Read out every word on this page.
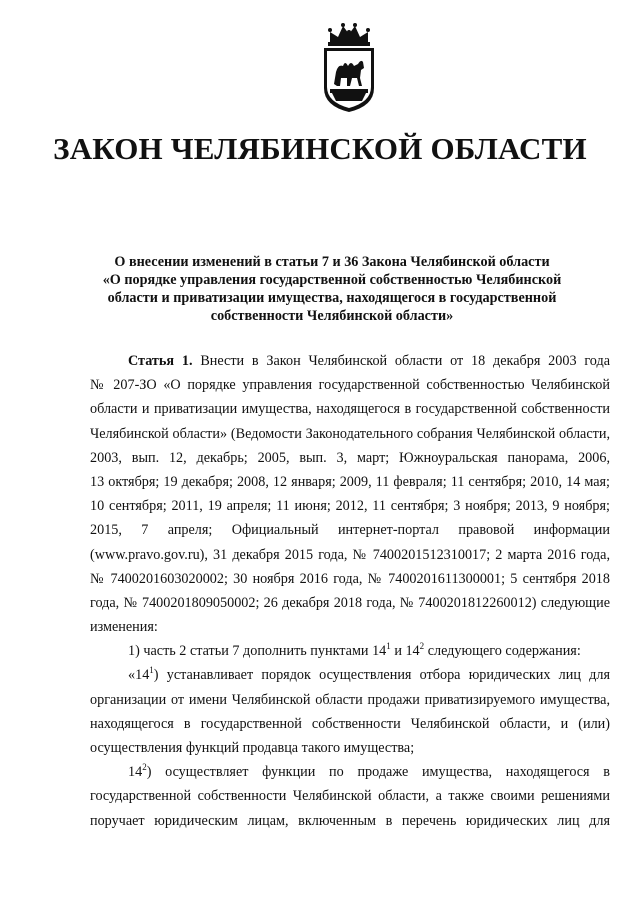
ЗАКОН ЧЕЛЯБИНСКОЙ ОБЛАСТИ
О внесении изменений в статьи 7 и 36 Закона Челябинской области
«О порядке управления государственной собственностью Челябинской
области и приватизации имущества, находящегося в государственной
собственности Челябинской области»
Статья 1. Внести в Закон Челябинской области от 18 декабря 2003 года
№ 207-ЗО «О порядке управления государственной собственностью Челябинской
области и приватизации имущества, находящегося в государственной собственности
Челябинской области» (Ведомости Законодательного собрания Челябинской области,
2003, вып. 12, декабрь; 2005, вып. 3, март; Южноуральская панорама, 2006,
13 октября; 19 декабря; 2008, 12 января; 2009, 11 февраля; 11 сентября; 2010, 14 мая;
10 сентября; 2011, 19 апреля; 11 июня; 2012, 11 сентября; 3 ноября; 2013, 9 ноября;
2015, 7 апреля; Официальный интернет-портал правовой информации
(www.pravo.gov.ru), 31 декабря 2015 года, № 7400201512310017; 2 марта 2016 года,
№ 7400201603020002; 30 ноября 2016 года, № 7400201611300001; 5 сентября 2018
года, № 7400201809050002; 26 декабря 2018 года, № 7400201812260012) следующие
изменения:
1) часть 2 статьи 7 дополнить пунктами $14^1$ и $14^2$ следующего содержания:
«$14^1$) устанавливает порядок осуществления отбора юридических лиц для
организации от имени Челябинской области продажи приватизируемого имущества,
находящегося в государственной собственности Челябинской области, и (или)
осуществления функций продавца такого имущества;
$14^2$) осуществляет функции по продаже имущества, находящегося в
государственной собственности Челябинской области, а также своими решениями
поручает юридическим лицам, включенным в перечень юридических лиц для
